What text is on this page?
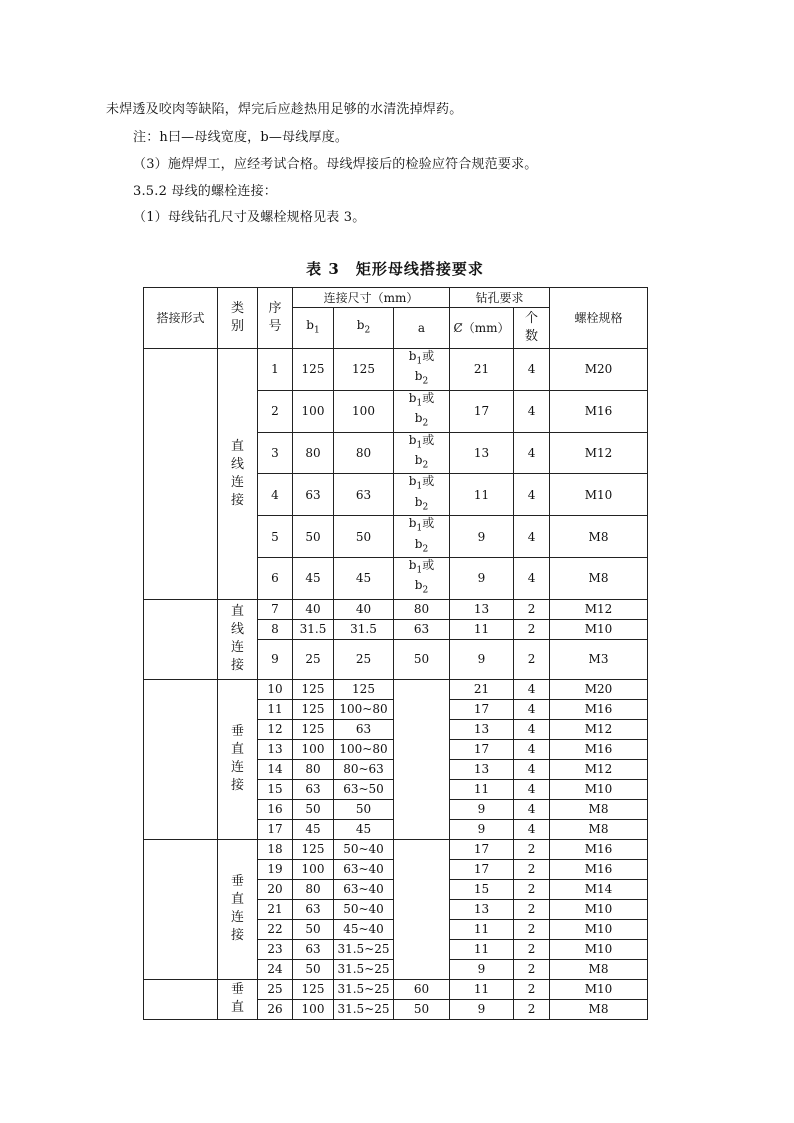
未焊透及咬肉等缺陷，焊完后应趁热用足够的水清洗掉焊药。
注：h曰—母线宽度，b—母线厚度。
（3）施焊焊工，应经考试合格。母线焊接后的检验应符合规范要求。
3.5.2 母线的螺栓连接：
（1）母线钻孔尺寸及螺栓规格见表 3。
表 3　矩形母线搭接要求
搭接形式	类别	序号	连接尺寸（mm）			钻孔要求		螺栓规格
			$b_1$	$b_2$	a	Ȼ（mm）	个数	
	直线连接	1	125	125	$b_1$或
$b_2$	21	4	M20
		2	100	100	$b_1$或
$b_2$	17	4	M16
		3	80	80	$b_1$或
$b_2$	13	4	M12
		4	63	63	$b_1$或
$b_2$	11	4	M10
		5	50	50	$b_1$或
$b_2$	9	4	M8
		6	45	45	$b_1$或
$b_2$	9	4	M8
	直线连接	7	40	40	80	13	2	M12
		8	31.5	31.5	63	11	2	M10
		9	25	25	50	9	2	M3
	垂直连接	10	125	125		21	4	M20
		11	125	100~80		17	4	M16
		12	125	63		13	4	M12
		13	100	100~80		17	4	M16
		14	80	80~63		13	4	M12
		15	63	63~50		11	4	M10
		16	50	50		9	4	M8
		17	45	45		9	4	M8
	垂直连接	18	125	50~40		17	2	M16
		19	100	63~40		17	2	M16
		20	80	63~40		15	2	M14
		21	63	50~40		13	2	M10
		22	50	45~40		11	2	M10
		23	63	31.5~25		11	2	M10
		24	50	31.5~25		9	2	M8
	垂直	25	125	31.5~25	60	11	2	M10
		26	100	31.5~25	50	9	2	M8
